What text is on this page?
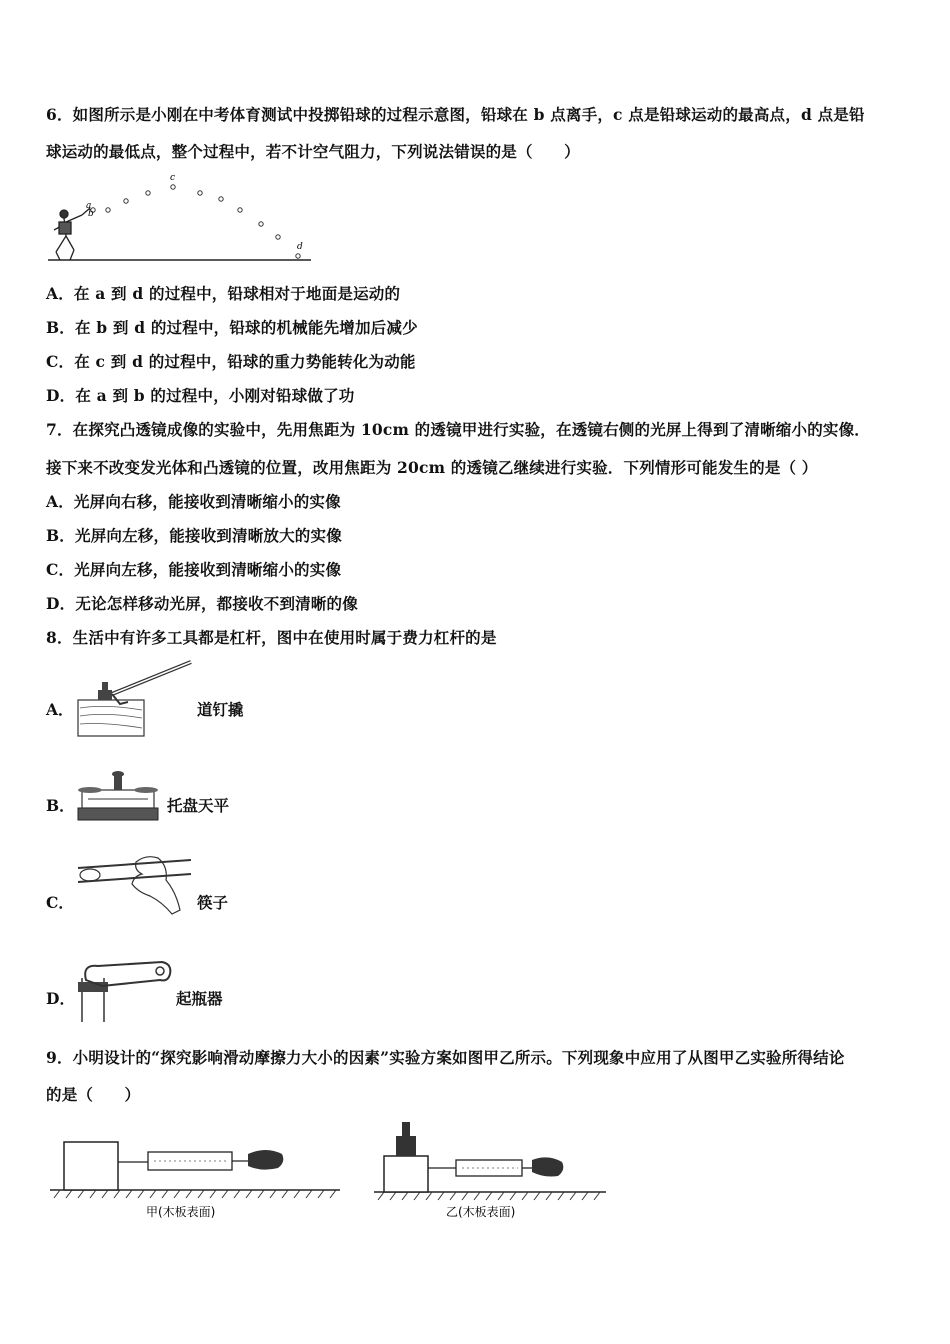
6．如图所示是小刚在中考体育测试中投掷铅球的过程示意图，铅球在 b 点离手，c 点是铅球运动的最高点，d 点是铅
球运动的最低点，整个过程中，若不计空气阻力，下列说法错误的是（　　）
a
b
c
d
A．在 a 到 d 的过程中，铅球相对于地面是运动的
B．在 b 到 d 的过程中，铅球的机械能先增加后减少
C．在 c 到 d 的过程中，铅球的重力势能转化为动能
D．在 a 到 b 的过程中，小刚对铅球做了功
7．在探究凸透镜成像的实验中，先用焦距为 10cm 的透镜甲进行实验，在透镜右侧的光屏上得到了清晰缩小的实像．
接下来不改变发光体和凸透镜的位置，改用焦距为 20cm 的透镜乙继续进行实验．下列情形可能发生的是（ ）
A．光屏向右移，能接收到清晰缩小的实像
B．光屏向左移，能接收到清晰放大的实像
C．光屏向左移，能接收到清晰缩小的实像
D．无论怎样移动光屏，都接收不到清晰的像
8．生活中有许多工具都是杠杆，图中在使用时属于费力杠杆的是
A．	道钉撬
B．	托盘天平
C．	筷子
D．	起瓶器
9．小明设计的“探究影响滑动摩擦力大小的因素”实验方案如图甲乙所示。下列现象中应用了从图甲乙实验所得结论
的是（　　）
甲(木板表面)	乙(木板表面)
